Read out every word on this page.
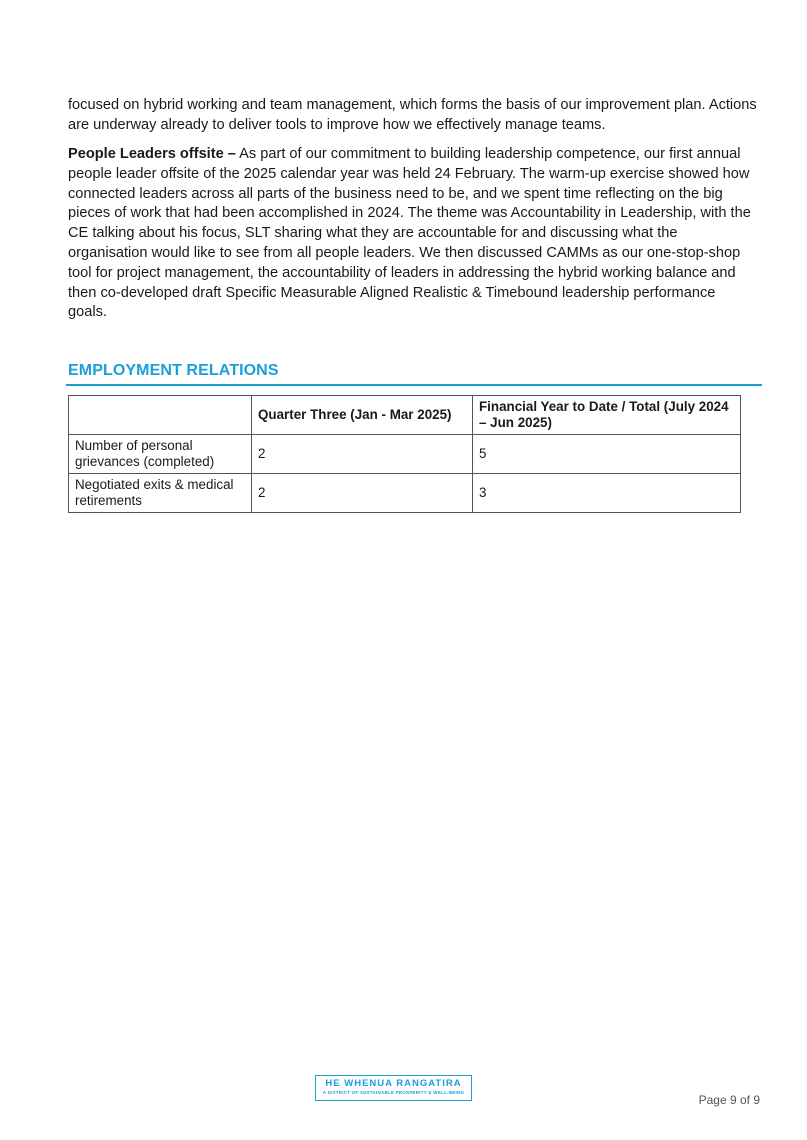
focused on hybrid working and team management, which forms the basis of our improvement plan. Actions are underway already to deliver tools to improve how we effectively manage teams.

People Leaders offsite – As part of our commitment to building leadership competence, our first annual people leader offsite of the 2025 calendar year was held 24 February. The warm-up exercise showed how connected leaders across all parts of the business need to be, and we spent time reflecting on the big pieces of work that had been accomplished in 2024. The theme was Accountability in Leadership, with the CE talking about his focus, SLT sharing what they are accountable for and discussing what the organisation would like to see from all people leaders. We then discussed CAMMs as our one-stop-shop tool for project management, the accountability of leaders in addressing the hybrid working balance and then co-developed draft Specific Measurable Aligned Realistic & Timebound leadership performance goals.

EMPLOYMENT RELATIONS
	Quarter Three (Jan - Mar 2025)	Financial Year to Date / Total (July 2024 – Jun 2025)
Number of personal grievances (completed)	2	5
Negotiated exits & medical retirements	2	3
HE WHENUA RANGATIRA
A DISTRICT OF SUSTAINABLE PROSPERITY & WELL-BEING
Page 9 of 9
